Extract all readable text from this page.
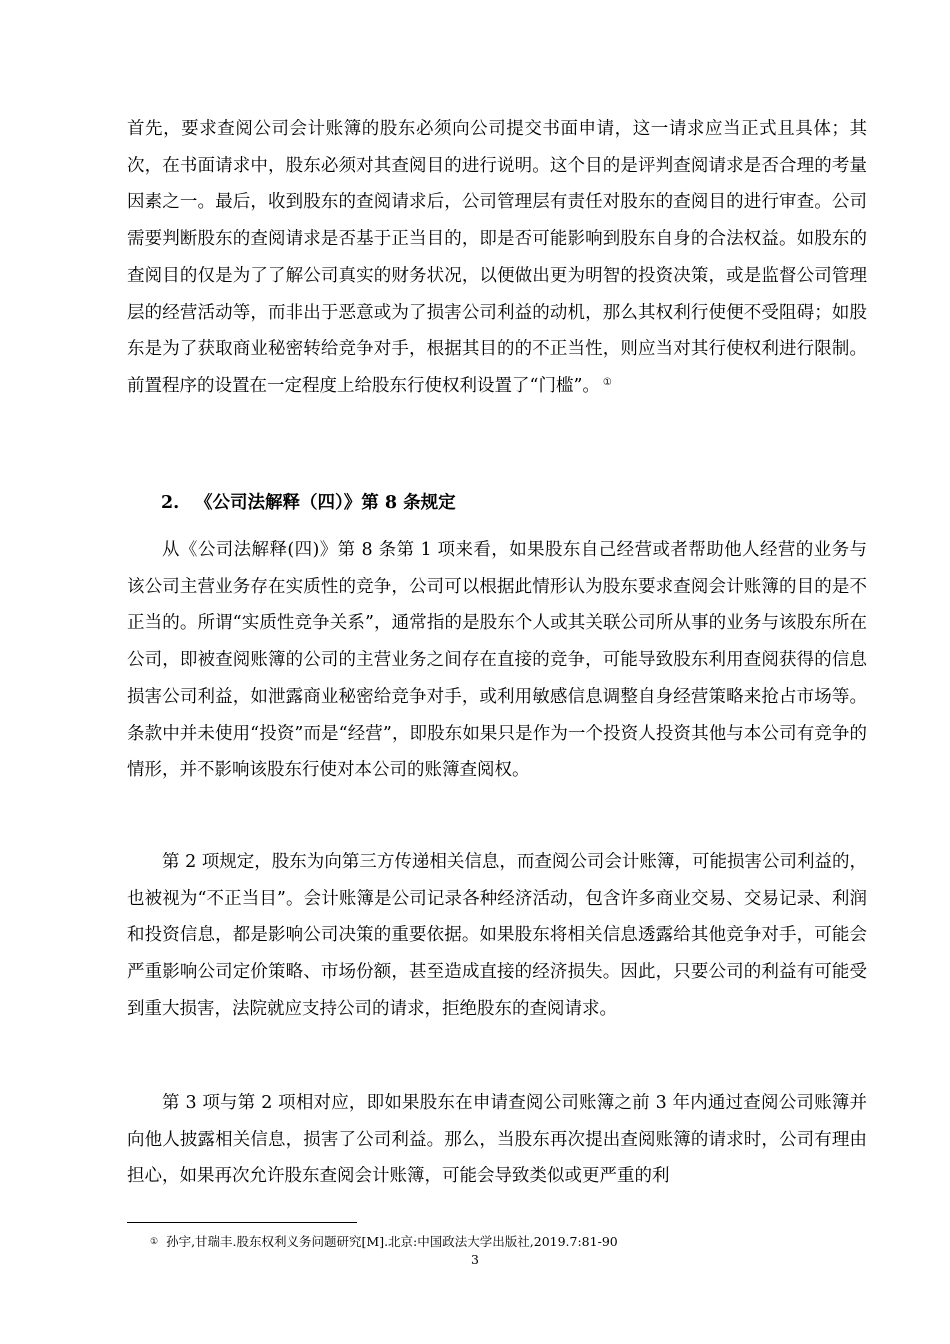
首先，要求查阅公司会计账簿的股东必须向公司提交书面申请，这一请求应当正式且具体；其次，在书面请求中，股东必须对其查阅目的进行说明。这个目的是评判查阅请求是否合理的考量因素之一。最后，收到股东的查阅请求后，公司管理层有责任对股东的查阅目的进行审查。公司需要判断股东的查阅请求是否基于正当目的，即是否可能影响到股东自身的合法权益。如股东的查阅目的仅是为了了解公司真实的财务状况，以便做出更为明智的投资决策，或是监督公司管理层的经营活动等，而非出于恶意或为了损害公司利益的动机，那么其权利行使便不受阻碍；如股东是为了获取商业秘密转给竞争对手，根据其目的的不正当性，则应当对其行使权利进行限制。前置程序的设置在一定程度上给股东行使权利设置了“门槛”。 ①

2. 《公司法解释（四）》第 8 条规定

从《公司法解释(四)》第 8 条第 1 项来看，如果股东自己经营或者帮助他人经营的业务与该公司主营业务存在实质性的竞争，公司可以根据此情形认为股东要求查阅会计账簿的目的是不正当的。所谓“实质性竞争关系”，通常指的是股东个人或其关联公司所从事的业务与该股东所在公司，即被查阅账簿的公司的主营业务之间存在直接的竞争，可能导致股东利用查阅获得的信息损害公司利益，如泄露商业秘密给竞争对手，或利用敏感信息调整自身经营策略来抢占市场等。条款中并未使用“投资”而是“经营”，即股东如果只是作为一个投资人投资其他与本公司有竞争的情形，并不影响该股东行使对本公司的账簿查阅权。

第 2 项规定，股东为向第三方传递相关信息，而查阅公司会计账簿，可能损害公司利益的，也被视为“不正当目”。会计账簿是公司记录各种经济活动，包含许多商业交易、交易记录、利润和投资信息，都是影响公司决策的重要依据。如果股东将相关信息透露给其他竞争对手，可能会严重影响公司定价策略、市场份额，甚至造成直接的经济损失。因此，只要公司的利益有可能受到重大损害，法院就应支持公司的请求，拒绝股东的查阅请求。

第 3 项与第 2 项相对应，即如果股东在申请查阅公司账簿之前 3 年内通过查阅公司账簿并向他人披露相关信息，损害了公司利益。那么，当股东再次提出查阅账簿的请求时，公司有理由担心，如果再次允许股东查阅会计账簿，可能会导致类似或更严重的利

① 孙宇,甘瑞丰.股东权利义务问题研究[M].北京:中国政法大学出版社,2019.7:81-90

3
